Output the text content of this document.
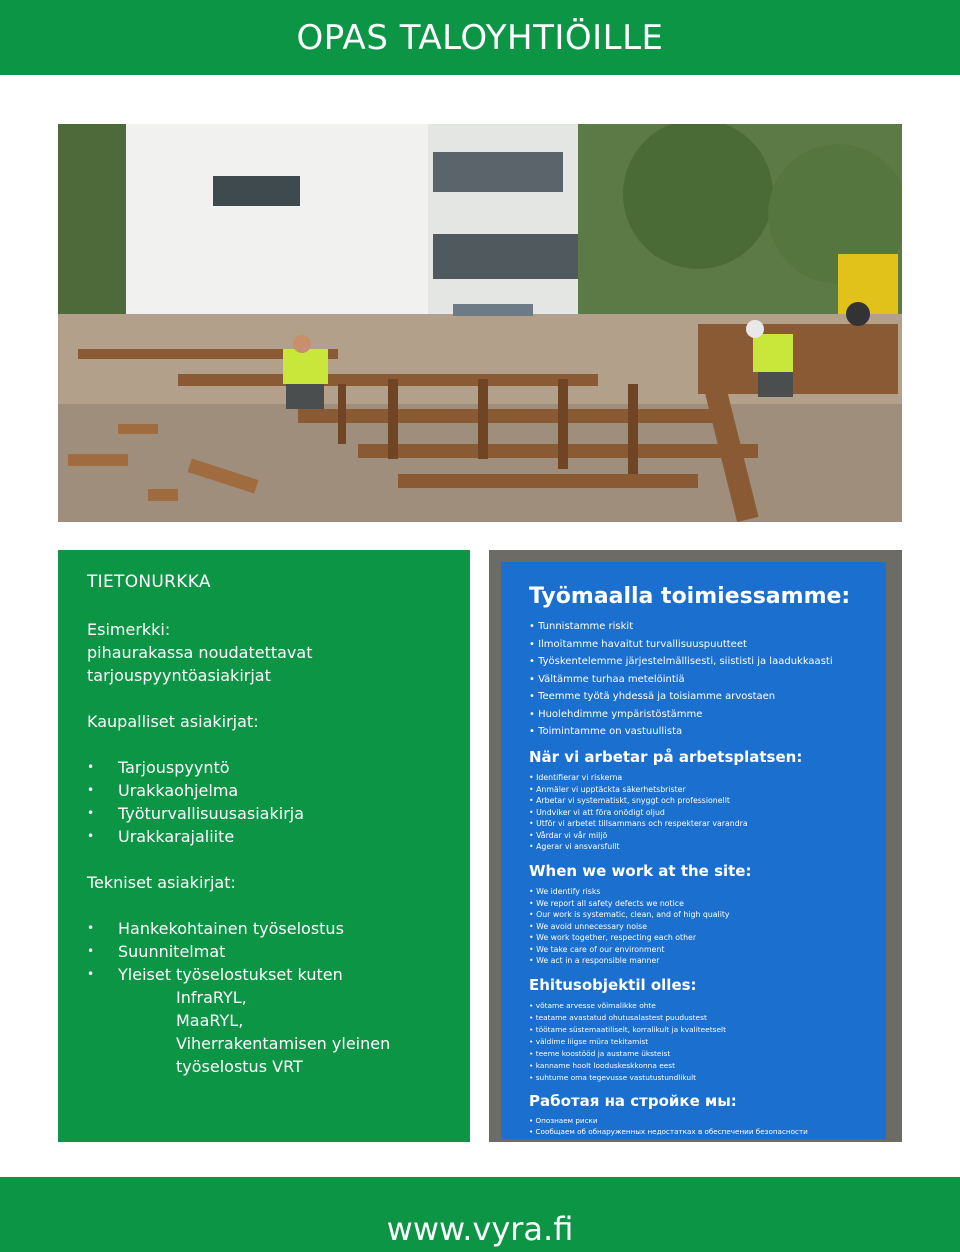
OPAS TALOYHTIÖILLE
TIETONURKKA

Esimerkki:

pihaurakassa noudatettavat

tarjouspyyntöasiakirjat

Kaupalliset asiakirjat:

• Tarjouspyyntö
• Urakkaohjelma
• Työturvallisuusasiakirja
• Urakkarajaliite

Tekniset asiakirjat:

• Hankekohtainen työselostus
• Suunnitelmat
• Yleiset työselostukset kuten

InfraRYL,

MaaRYL,

Viherrakentamisen yleinen

työselostus VRT

Työmaalla toimiessamme:
• Tunnistamme riskit
• Ilmoitamme havaitut turvallisuuspuutteet
• Työskentelemme järjestelmällisesti, siististi ja laadukkaasti
• Vältämme turhaa metelöintiä
• Teemme työtä yhdessä ja toisiamme arvostaen
• Huolehdimme ympäristöstämme
• Toimintamme on vastuullista
När vi arbetar på arbetsplatsen:
• Identifierar vi riskerna
• Anmäler vi upptäckta säkerhetsbrister
• Arbetar vi systematiskt, snyggt och professionellt
• Undviker vi att föra onödigt oljud
• Utför vi arbetet tillsammans och respekterar varandra
• Vårdar vi vår miljö
• Agerar vi ansvarsfullt
When we work at the site:
• We identify risks
• We report all safety defects we notice
• Our work is systematic, clean, and of high quality
• We avoid unnecessary noise
• We work together, respecting each other
• We take care of our environment
• We act in a responsible manner
Ehitusobjektil olles:
• võtame arvesse võimalikke ohte
• teatame avastatud ohutusalastest puudustest
• töötame süstemaatiliselt, korralikult ja kvaliteetselt
• väldime liigse müra tekitamist
• teeme koostööd ja austame üksteist
• kanname hoolt looduskeskkonna eest
• suhtume oma tegevusse vastutustundlikult
Работая на стройке мы:
• Опознаем риски
• Сообщаем об обнаруженных недостатках в обеспечении безопасности
www.vyra.fi
